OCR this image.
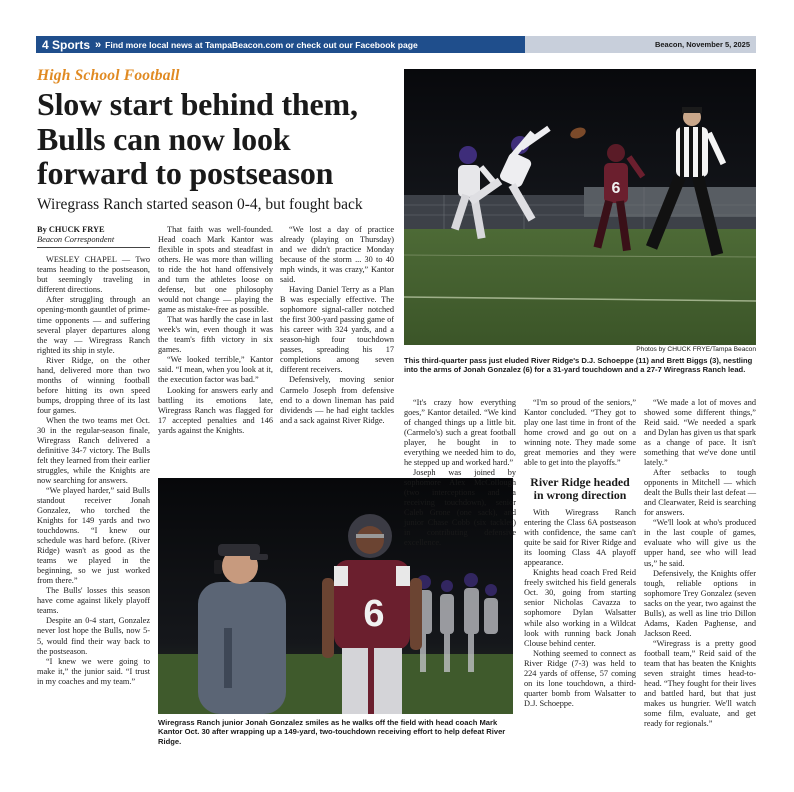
4 Sports » Find more local news at TampaBeacon.com or check out our Facebook page	Beacon, November 5, 2025
High School Football
Slow start behind them, Bulls can now look forward to postseason
Wiregrass Ranch started season 0-4, but fought back
6
Photos by CHUCK FRYE/Tampa Beacon
This third-quarter pass just eluded River Ridge's D.J. Schoeppe (11) and Brett Biggs (3), nestling into the arms of Jonah Gonzalez (6) for a 31-yard touchdown and a 27-7 Wiregrass Ranch lead.
6
Wiregrass Ranch junior Jonah Gonzalez smiles as he walks off the field with head coach Mark Kantor Oct. 30 after wrapping up a 149-yard, two-touchdown receiving effort to help defeat River Ridge.
By CHUCK FRYE
Beacon Correspondent

WESLEY CHAPEL — Two teams heading to the postseason, but seemingly traveling in different directions.

After struggling through an opening-month gauntlet of prime-time opponents — and suffering several player departures along the way — Wiregrass Ranch righted its ship in style.

River Ridge, on the other hand, delivered more than two months of winning football before hitting its own speed bumps, dropping three of its last four games.

When the two teams met Oct. 30 in the regular-season finale, Wiregrass Ranch delivered a definitive 34-7 victory. The Bulls felt they learned from their earlier struggles, while the Knights are now searching for answers.

“We played harder,” said Bulls standout receiver Jonah Gonzalez, who torched the Knights for 149 yards and two touchdowns. “I knew our schedule was hard before. (River Ridge) wasn't as good as the teams we played in the beginning, so we just worked from there.”

The Bulls' losses this season have come against likely playoff teams.

Despite an 0-4 start, Gonzalez never lost hope the Bulls, now 5-5, would find their way back to the postseason.

“I knew we were going to make it,” the junior said. “I trust in my coaches and my team.”

That faith was well-founded. Head coach Mark Kantor was flexible in spots and steadfast in others. He was more than willing to ride the hot hand offensively and turn the athletes loose on defense, but one philosophy would not change — playing the game as mistake-free as possible.

That was hardly the case in last week's win, even though it was the team's fifth victory in six games.

“We looked terrible,” Kantor said. “I mean, when you look at it, the execution factor was bad.”

Looking for answers early and battling its emotions late, Wiregrass Ranch was flagged for 17 accepted penalties and 146 yards against the Knights.

“We lost a day of practice already (playing on Thursday) and we didn't practice Monday because of the storm ... 30 to 40 mph winds, it was crazy,” Kantor said.

Having Daniel Terry as a Plan B was especially effective. The sophomore signal-caller notched the first 300-yard passing game of his career with 324 yards, and a season-high four touchdown passes, spreading his 17 completions among seven different receivers.

Defensively, moving senior Carmelo Joseph from defensive end to a down lineman has paid dividends — he had eight tackles and a sack against River Ridge.

“It's crazy how everything goes,” Kantor detailed. “We kind of changed things up a little bit. (Carmelo's) such a great football player, he bought in to everything we needed him to do, he stepped up and worked hard.”

Joseph was joined by sophomore Alex McCollough (two interceptions and a receiving touchdown), senior Caleb Grone (one sack), and junior Chase Cobb (six tackles) in contributing defensive excellence.

“I'm so proud of the seniors,” Kantor concluded. “They got to play one last time in front of the home crowd and go out on a winning note. They made some great memories and they were able to get into the playoffs.”

River Ridge headed in wrong direction

With Wiregrass Ranch entering the Class 6A postseason with confidence, the same can't quite be said for River Ridge and its looming Class 4A playoff appearance.

Knights head coach Fred Reid freely switched his field generals Oct. 30, going from starting senior Nicholas Cavazza to sophomore Dylan Walsatter while also working in a Wildcat look with running back Jonah Clouse behind center.

Nothing seemed to connect as River Ridge (7-3) was held to 224 yards of offense, 57 coming on its lone touchdown, a third-quarter bomb from Walsatter to D.J. Schoeppe.

“We made a lot of moves and showed some different things,” Reid said. “We needed a spark and Dylan has given us that spark as a change of pace. It isn't something that we've done until lately.”

After setbacks to tough opponents in Mitchell — which dealt the Bulls their last defeat — and Clearwater, Reid is searching for answers.

“We'll look at who's produced in the last couple of games, evaluate who will give us the upper hand, see who will lead us,” he said.

Defensively, the Knights offer tough, reliable options in sophomore Trey Gonzalez (seven sacks on the year, two against the Bulls), as well as line trio Dillon Adams, Kaden Paghense, and Jackson Reed.

“Wiregrass is a pretty good football team,” Reid said of the team that has beaten the Knights seven straight times head-to-head. “They fought for their lives and battled hard, but that just makes us hungrier. We'll watch some film, evaluate, and get ready for regionals.”
